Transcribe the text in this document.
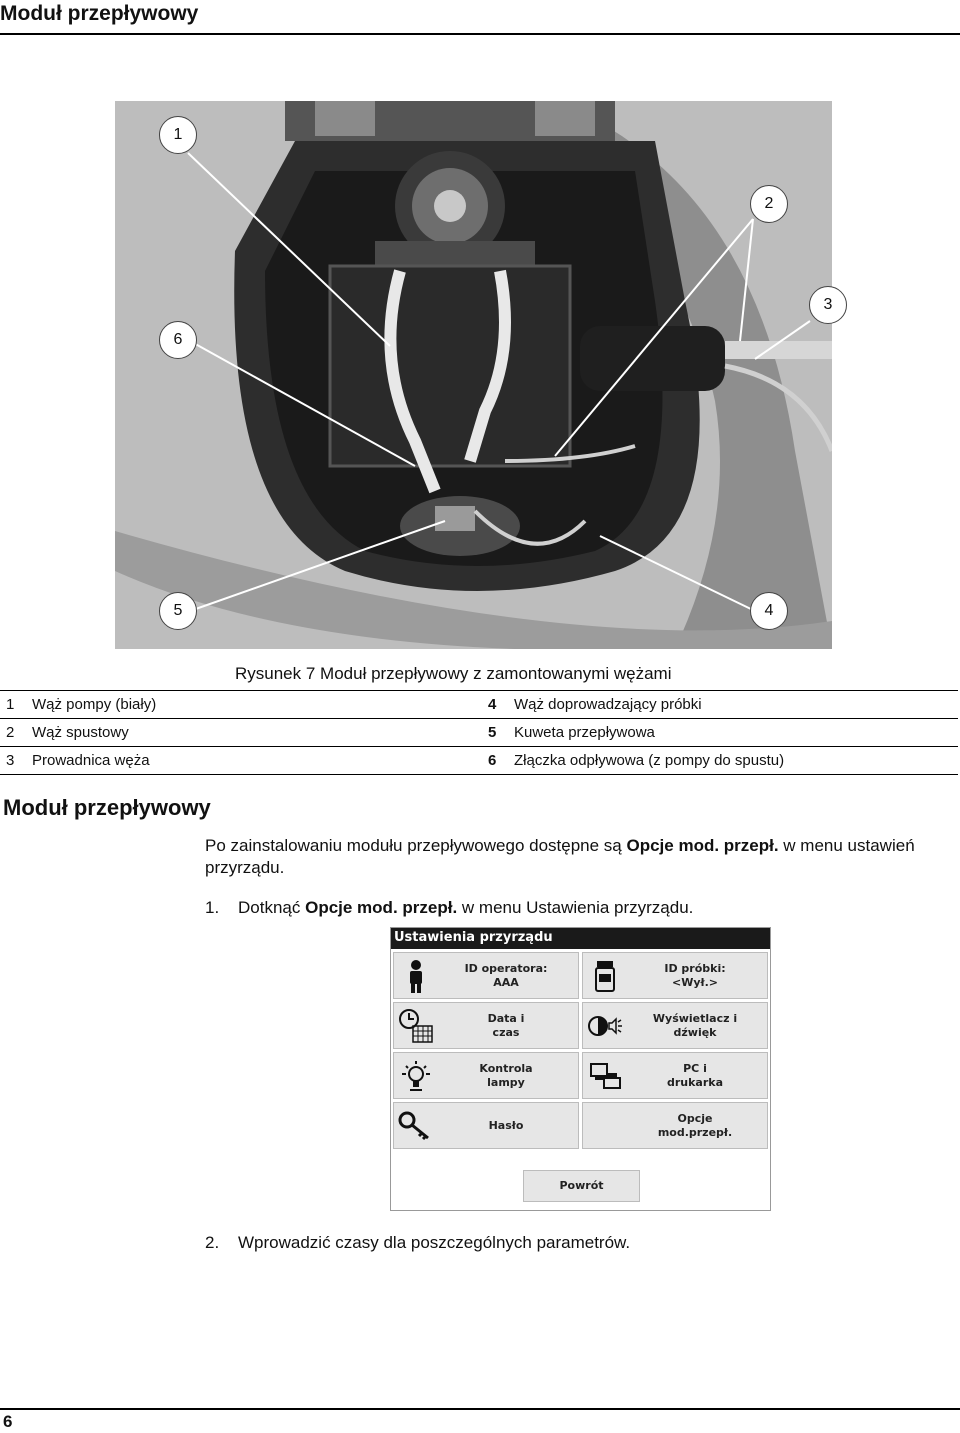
Moduł przepływowy
1
2
3
4
5
6
Rysunek 7 Moduł przepływowy z zamontowanymi wężami
1	Wąż pompy (biały)	4	Wąż doprowadzający próbki
2	Wąż spustowy	5	Kuweta przepływowa
3	Prowadnica węża	6	Złączka odpływowa (z pompy do spustu)
Moduł przepływowy
Po zainstalowaniu modułu przepływowego dostępne są Opcje mod. przepł. w menu ustawień przyrządu.
1. Dotknąć Opcje mod. przepł. w menu Ustawienia przyrządu.
Ustawienia przyrządu
ID operatora:
AAA
ID próbki:
<Wył.>
Data i
czas
Wyświetlacz i
dźwięk
Kontrola
lampy
PC i
drukarka
Hasło
Opcje
mod.przepł.
Powrót
2. Wprowadzić czasy dla poszczególnych parametrów.
6
